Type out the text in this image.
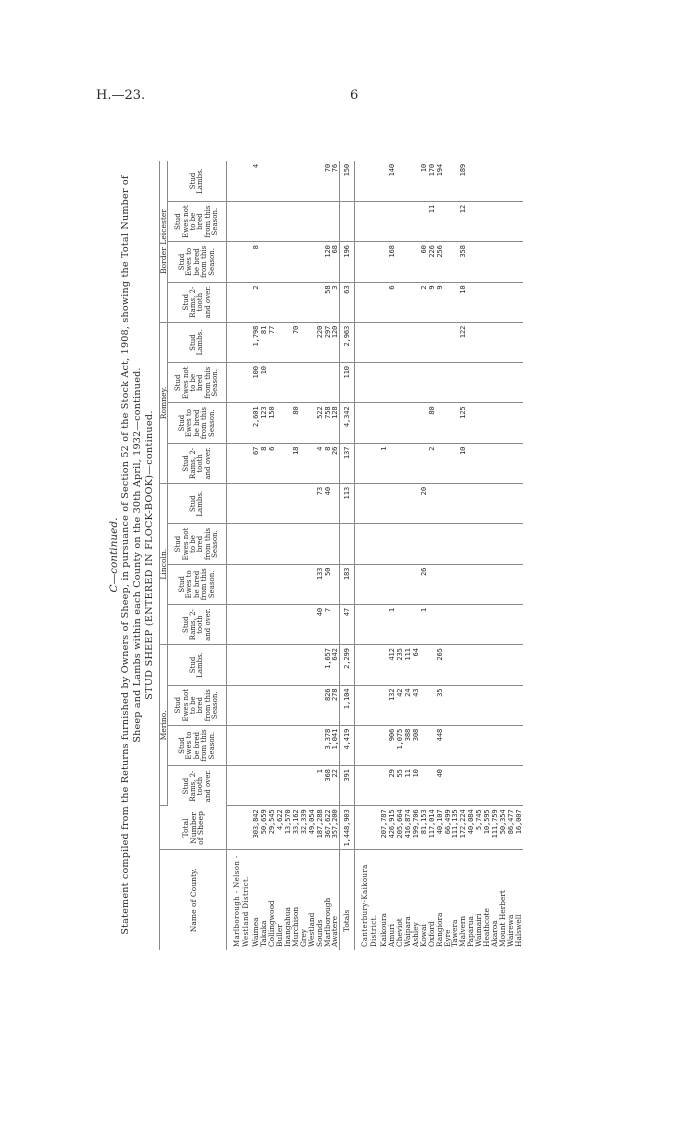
H.—23.	6
C—continued. Statement compiled from the Returns furnished by Owners of Sheep, in pursuance of Section 52 of the Stock Act, 1908, showing the Total Number of Sheep and Lambs within each County on the 30th April, 1932—continued. STUD SHEEP (ENTERED IN FLOCK-BOOK)—continued.
Name of County.	Total Number of Sheep	Merino.				Lincoln.				Romney.				Border Leicester			
		Stud Rams, 2-tooth and over.	Stud Ewes to be bred from this Season.	Stud Ewes not to be bred from this Season.	Stud Lambs.	Stud Rams, 2-tooth and over.	Stud Ewes to be bred from this Season.	Stud Ewes not to be bred from this Season.	Stud Lambs.	Stud Rams, 2-tooth and over.	Stud Ewes to be bred from this Season.	Stud Ewes not to be bred from this Season.	Stud Lambs.	Stud Rams, 2-tooth and over.	Stud Ewes to be bred from this Season.	Stud Ewes not to be bred from this Season.	Stud Lambs.
Marlborough - Nelson - Westland District.																	
Waimea	303,842									67	2,601	100	1,798	2	8		4
Takaka	50,659									8	123	10	81				
Collingwood	29,545									6	150		77				
Buller	4,622																
Inangahua	13,570																
Murchison	33,162									18	80		70				
Grey	32,339																
Westland	49,054																
Sounds	187,288	1				40	133		73	4	522		220				
Marlborough	367,622	368	3,378	826	1,657	7	50		40	8	758		297	58	120		70
Awatere	357,200	22	1,041	278	642					26	128		120	3	68		76
Totals	1,448,903	391	4,419	1,104	2,299	47	183		113	137	4,342	110	2,963	63	196		150
Canterbury-Kaikoura District.																	
Kaikoura	207,787									1							
Amuri	426,915	29	906	132	412	1								6	168		140
Cheviot	205,664	55	1,075	42	235												
Waipara	416,874	11	388	24	111												
Ashley	199,706	10	308	43	64												
Kowai	81,153					1	26		20					2	60		10
Oxford	117,014									2	80			9	226	11	170
Rangiora	40,107	40	448	35	265									9	256		194
Eyre	66,499																
Tawera	111,135																
Malvern	172,224									10	125		122	10	358	12	189
Paparua	40,084																
Waimairi	5,745																
Heathcote	10,595																
Akaroa	111,759																
Mount Herbert	50,354																
Wairewa	86,477																
Halswell	16,007																
